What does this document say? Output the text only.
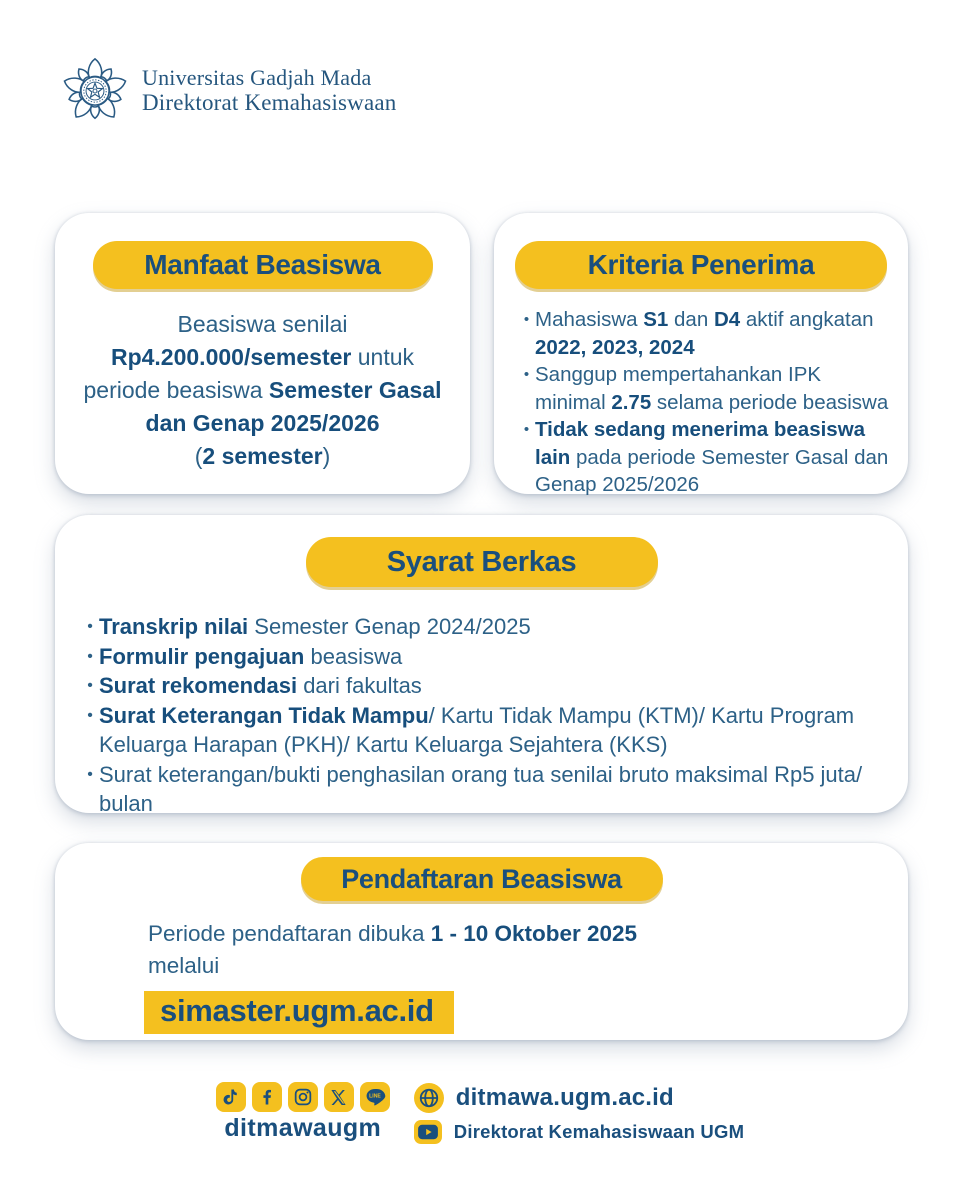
Universitas Gadjah Mada
Direktorat Kemahasiswaan
Manfaat Beasiswa
Beasiswa senilai
Rp4.200.000/semester untuk
periode beasiswa Semester Gasal
dan Genap 2025/2026
(2 semester)
Kriteria Penerima
• Mahasiswa S1 dan D4 aktif angkatan 2022, 2023, 2024
• Sanggup mempertahankan IPK minimal 2.75 selama periode beasiswa
• Tidak sedang menerima beasiswa lain pada periode Semester Gasal dan Genap 2025/2026
Syarat Berkas
• Transkrip nilai Semester Genap 2024/2025
• Formulir pengajuan beasiswa
• Surat rekomendasi dari fakultas
• Surat Keterangan Tidak Mampu/ Kartu Tidak Mampu (KTM)/ Kartu Program Keluarga Harapan (PKH)/ Kartu Keluarga Sejahtera (KKS)
• Surat keterangan/bukti penghasilan orang tua senilai bruto maksimal Rp5 juta/ bulan
Pendaftaran Beasiswa
Periode pendaftaran dibuka 1 - 10 Oktober 2025
melalui
simaster.ugm.ac.id
LINE
ditmawaugm
ditmawa.ugm.ac.id
Direktorat Kemahasiswaan UGM
